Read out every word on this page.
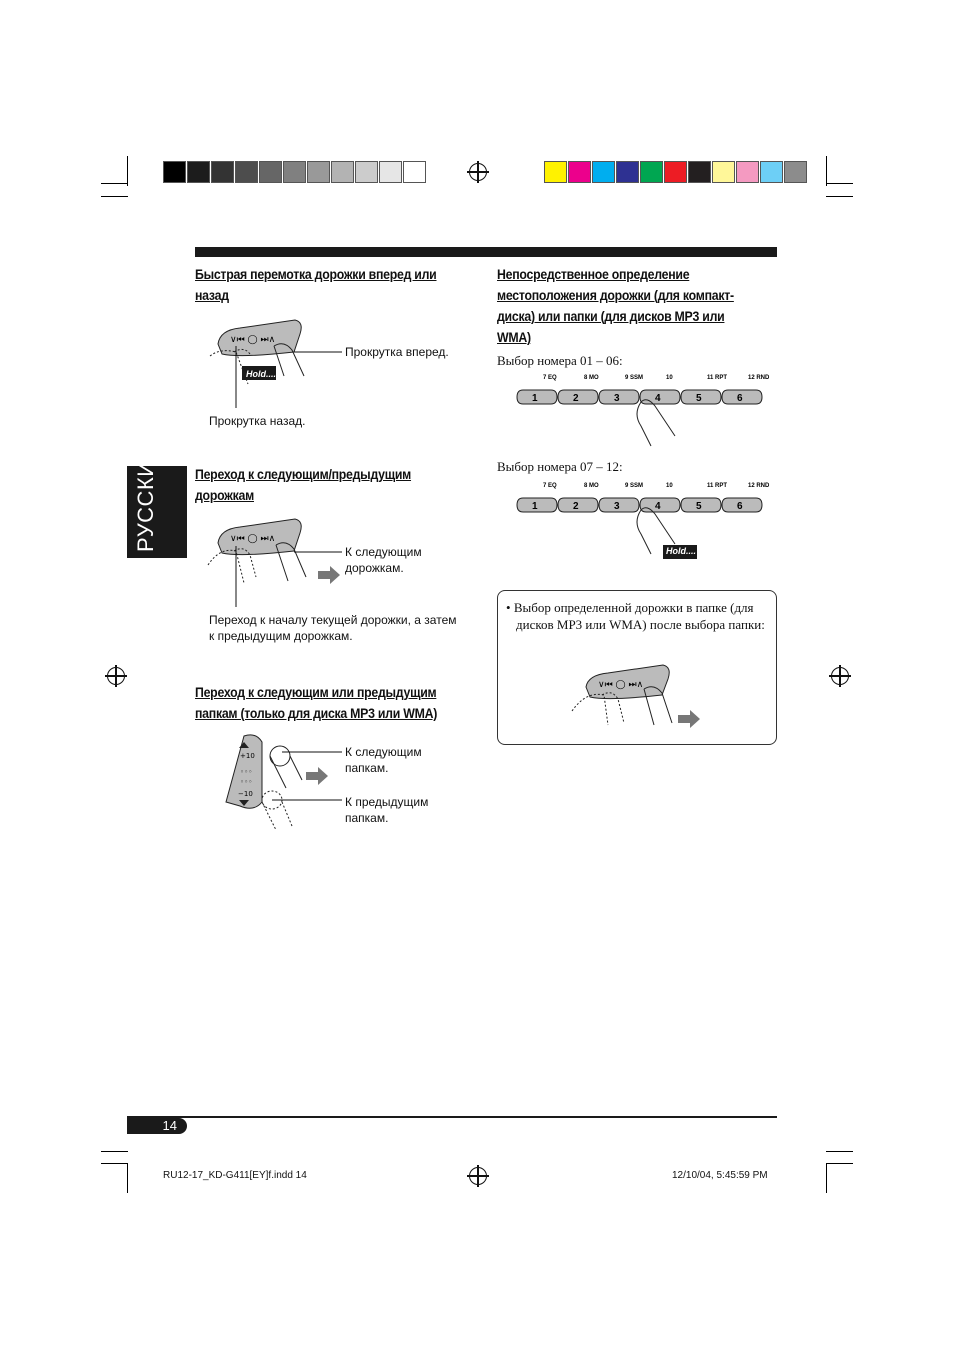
РУССКИЙ
Быстрая перемотка дорожки вперед или назад
∨⏮ ◯ ⏭∧
Hold....
Прокрутка вперед.
Прокрутка назад.
Переход к следующим/предыдущим дорожкам
∨⏮ ◯ ⏭∧
К следующим дорожкам.
Переход к началу текущей дорожки, а затем к предыдущим дорожкам.
Переход к следующим или предыдущим папкам (только для диска MP3 или WMA)
+10
◦◦◦
◦◦◦
−10
К следующим папкам.
К предыдущим папкам.
Непосредственное определение местоположения дорожки (для компакт-диска) или папки (для дисков MP3 или WMA)
Выбор номера 01 – 06:
7 EQ
1
8 MO
2
9 SSM
3
10
4
11 RPT
5
12 RND
6
Выбор номера 07 – 12:
7 EQ
1
8 MO
2
9 SSM
3
10
4
11 RPT
5
12 RND
6
Hold....
• Выбор определенной дорожки в папке (для дисков MP3 или WMA) после выбора папки:
∨⏮ ◯ ⏭∧
14
RU12-17_KD-G411[EY]f.indd 14	12/10/04, 5:45:59 PM
